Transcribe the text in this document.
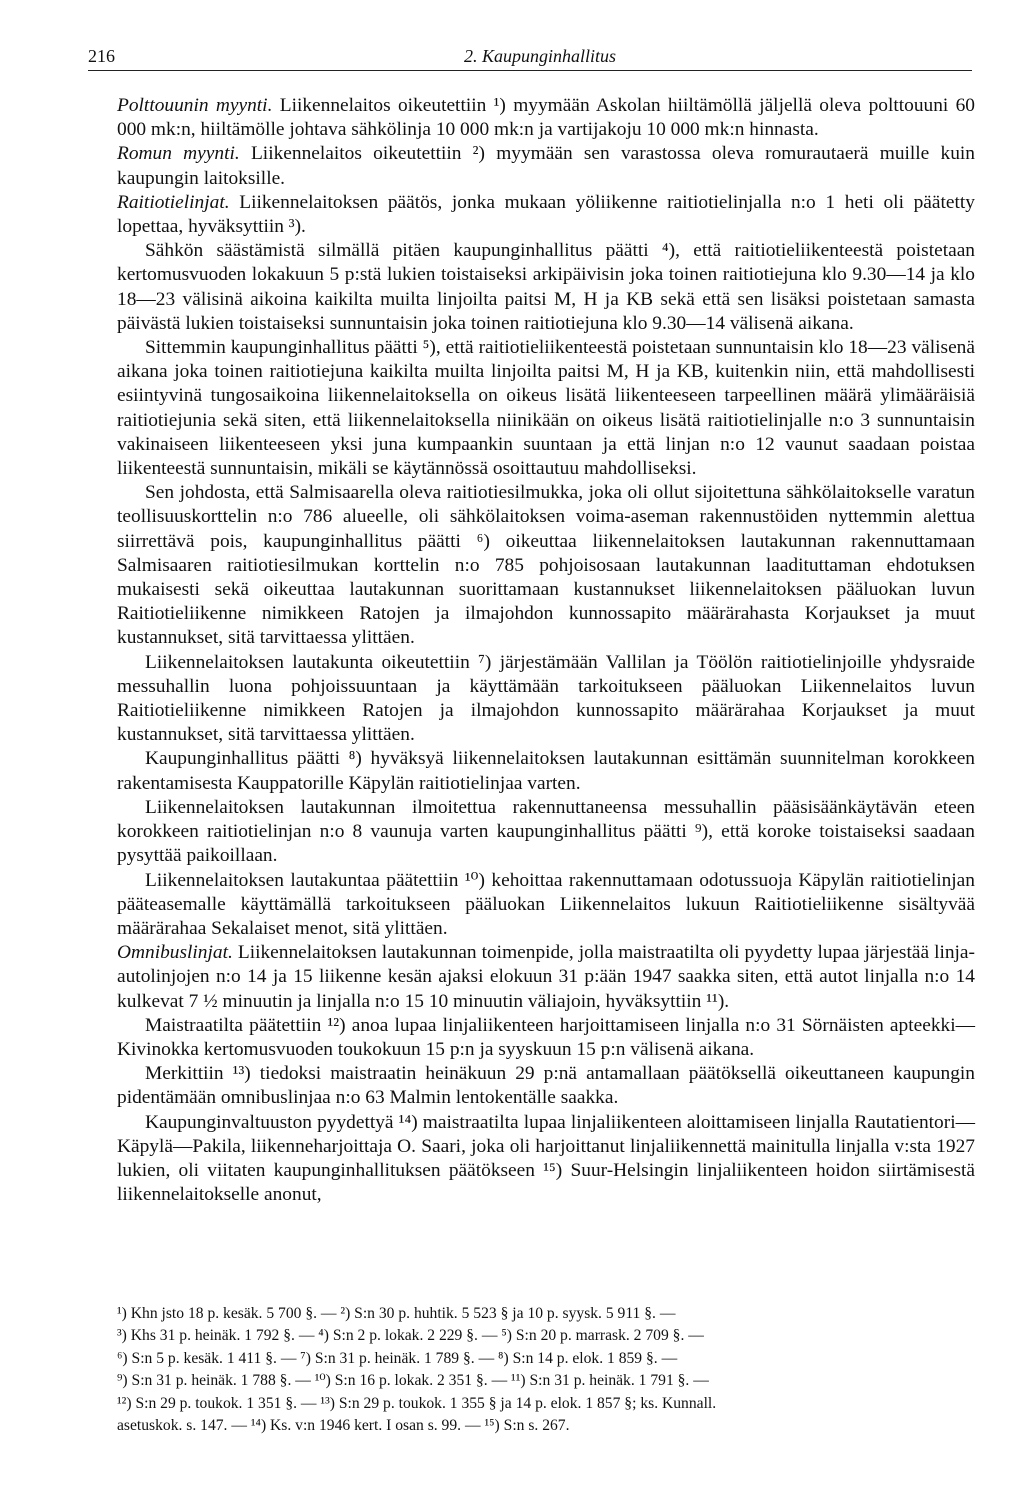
216	2. Kaupunginhallitus

Polttouunin myynti. Liikennelaitos oikeutettiin ¹) myymään Askolan hiiltämöllä jäljellä oleva polttouuni 60 000 mk:n, hiiltämölle johtava sähkölinja 10 000 mk:n ja vartijakoju 10 000 mk:n hinnasta.

Romun myynti. Liikennelaitos oikeutettiin ²) myymään sen varastossa oleva romurautaerä muille kuin kaupungin laitoksille.

Raitiotielinjat. Liikennelaitoksen päätös, jonka mukaan yöliikenne raitiotielinjalla n:o 1 heti oli päätetty lopettaa, hyväksyttiin ³).

Sähkön säästämistä silmällä pitäen kaupunginhallitus päätti ⁴), että raitiotieliikenteestä poistetaan kertomusvuoden lokakuun 5 p:stä lukien toistaiseksi arkipäivisin joka toinen raitiotiejuna klo 9.30—14 ja klo 18—23 välisinä aikoina kaikilta muilta linjoilta paitsi M, H ja KB sekä että sen lisäksi poistetaan samasta päivästä lukien toistaiseksi sunnuntaisin joka toinen raitiotiejuna klo 9.30—14 välisenä aikana.

Sittemmin kaupunginhallitus päätti ⁵), että raitiotieliikenteestä poistetaan sunnuntaisin klo 18—23 välisenä aikana joka toinen raitiotiejuna kaikilta muilta linjoilta paitsi M, H ja KB, kuitenkin niin, että mahdollisesti esiintyvinä tungosaikoina liikennelaitoksella on oikeus lisätä liikenteeseen tarpeellinen määrä ylimääräisiä raitiotiejunia sekä siten, että liikennelaitoksella niinikään on oikeus lisätä raitiotielinjalle n:o 3 sunnuntaisin vakinaiseen liikenteeseen yksi juna kumpaankin suuntaan ja että linjan n:o 12 vaunut saadaan poistaa liikenteestä sunnuntaisin, mikäli se käytännössä osoittautuu mahdolliseksi.

Sen johdosta, että Salmisaarella oleva raitiotiesilmukka, joka oli ollut sijoitettuna sähkölaitokselle varatun teollisuuskorttelin n:o 786 alueelle, oli sähkölaitoksen voima-aseman rakennustöiden nyttemmin alettua siirrettävä pois, kaupunginhallitus päätti ⁶) oikeuttaa liikennelaitoksen lautakunnan rakennuttamaan Salmisaaren raitiotiesilmukan korttelin n:o 785 pohjoisosaan lautakunnan laadituttaman ehdotuksen mukaisesti sekä oikeuttaa lautakunnan suorittamaan kustannukset liikennelaitoksen pääluokan luvun Raitiotieliikenne nimikkeen Ratojen ja ilmajohdon kunnossapito määrärahasta Korjaukset ja muut kustannukset, sitä tarvittaessa ylittäen.

Liikennelaitoksen lautakunta oikeutettiin ⁷) järjestämään Vallilan ja Töölön raitiotielinjoille yhdysraide messuhallin luona pohjoissuuntaan ja käyttämään tarkoitukseen pääluokan Liikennelaitos luvun Raitiotieliikenne nimikkeen Ratojen ja ilmajohdon kunnossapito määrärahaa Korjaukset ja muut kustannukset, sitä tarvittaessa ylittäen.

Kaupunginhallitus päätti ⁸) hyväksyä liikennelaitoksen lautakunnan esittämän suunnitelman korokkeen rakentamisesta Kauppatorille Käpylän raitiotielinjaa varten.

Liikennelaitoksen lautakunnan ilmoitettua rakennuttaneensa messuhallin pääsisäänkäytävän eteen korokkeen raitiotielinjan n:o 8 vaunuja varten kaupunginhallitus päätti ⁹), että koroke toistaiseksi saadaan pysyttää paikoillaan.

Liikennelaitoksen lautakuntaa päätettiin ¹⁰) kehoittaa rakennuttamaan odotussuoja Käpylän raitiotielinjan pääteasemalle käyttämällä tarkoitukseen pääluokan Liikennelaitos lukuun Raitiotieliikenne sisältyvää määrärahaa Sekalaiset menot, sitä ylittäen.

Omnibuslinjat. Liikennelaitoksen lautakunnan toimenpide, jolla maistraatilta oli pyydetty lupaa järjestää linja-autolinjojen n:o 14 ja 15 liikenne kesän ajaksi elokuun 31 p:ään 1947 saakka siten, että autot linjalla n:o 14 kulkevat 7 ½ minuutin ja linjalla n:o 15 10 minuutin väliajoin, hyväksyttiin ¹¹).

Maistraatilta päätettiin ¹²) anoa lupaa linjaliikenteen harjoittamiseen linjalla n:o 31 Sörnäisten apteekki—Kivinokka kertomusvuoden toukokuun 15 p:n ja syyskuun 15 p:n välisenä aikana.

Merkittiin ¹³) tiedoksi maistraatin heinäkuun 29 p:nä antamallaan päätöksellä oikeuttaneen kaupungin pidentämään omnibuslinjaa n:o 63 Malmin lentokentälle saakka.

Kaupunginvaltuuston pyydettyä ¹⁴) maistraatilta lupaa linjaliikenteen aloittamiseen linjalla Rautatientori—Käpylä—Pakila, liikenneharjoittaja O. Saari, joka oli harjoittanut linjaliikennettä mainitulla linjalla v:sta 1927 lukien, oli viitaten kaupunginhallituksen päätökseen ¹⁵) Suur-Helsingin linjaliikenteen hoidon siirtämisestä liikennelaitokselle anonut,

¹) Khn jsto 18 p. kesäk. 5 700 §. — ²) S:n 30 p. huhtik. 5 523 § ja 10 p. syysk. 5 911 §. —

³) Khs 31 p. heinäk. 1 792 §. — ⁴) S:n 2 p. lokak. 2 229 §. — ⁵) S:n 20 p. marrask. 2 709 §. —

⁶) S:n 5 p. kesäk. 1 411 §. — ⁷) S:n 31 p. heinäk. 1 789 §. — ⁸) S:n 14 p. elok. 1 859 §. —

⁹) S:n 31 p. heinäk. 1 788 §. — ¹⁰) S:n 16 p. lokak. 2 351 §. — ¹¹) S:n 31 p. heinäk. 1 791 §. —

¹²) S:n 29 p. toukok. 1 351 §. — ¹³) S:n 29 p. toukok. 1 355 § ja 14 p. elok. 1 857 §; ks. Kunnall.

asetuskok. s. 147. — ¹⁴) Ks. v:n 1946 kert. I osan s. 99. — ¹⁵) S:n s. 267.
